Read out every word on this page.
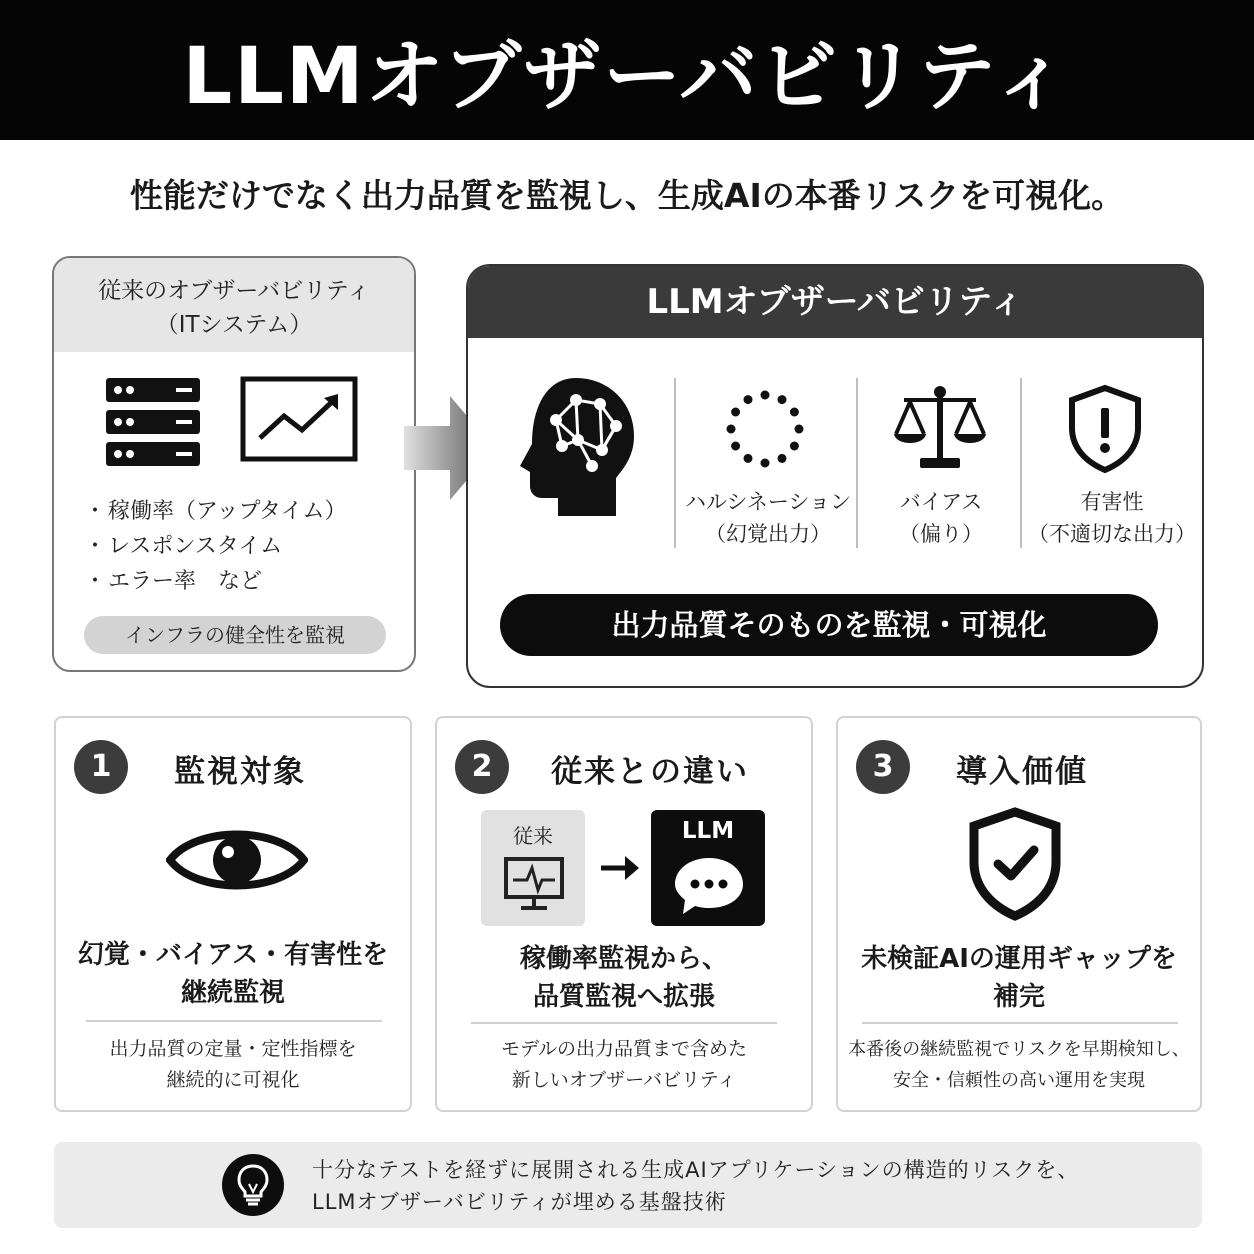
LLMオブザーバビリティ
性能だけでなく出力品質を監視し、生成AIの本番リスクを可視化。
従来のオブザーバビリティ
（ITシステム）
・ 稼働率（アップタイム）
・ レスポンスタイム
・ エラー率　など
インフラの健全性を監視
LLMオブザーバビリティ
ハルシネーション
（幻覚出力）
バイアス
（偏り）
有害性
（不適切な出力）
出力品質そのものを監視・可視化
1	監視対象
幻覚・バイアス・有害性を
継続監視
出力品質の定量・定性指標を
継続的に可視化
2	従来との違い
従来	LLM
稼働率監視から、
品質監視へ拡張
モデルの出力品質まで含めた
新しいオブザーバビリティ
3	導入価値
未検証AIの運用ギャップを
補完
本番後の継続監視でリスクを早期検知し、
安全・信頼性の高い運用を実現
十分なテストを経ずに展開される生成AIアプリケーションの構造的リスクを、
LLMオブザーバビリティが埋める基盤技術
